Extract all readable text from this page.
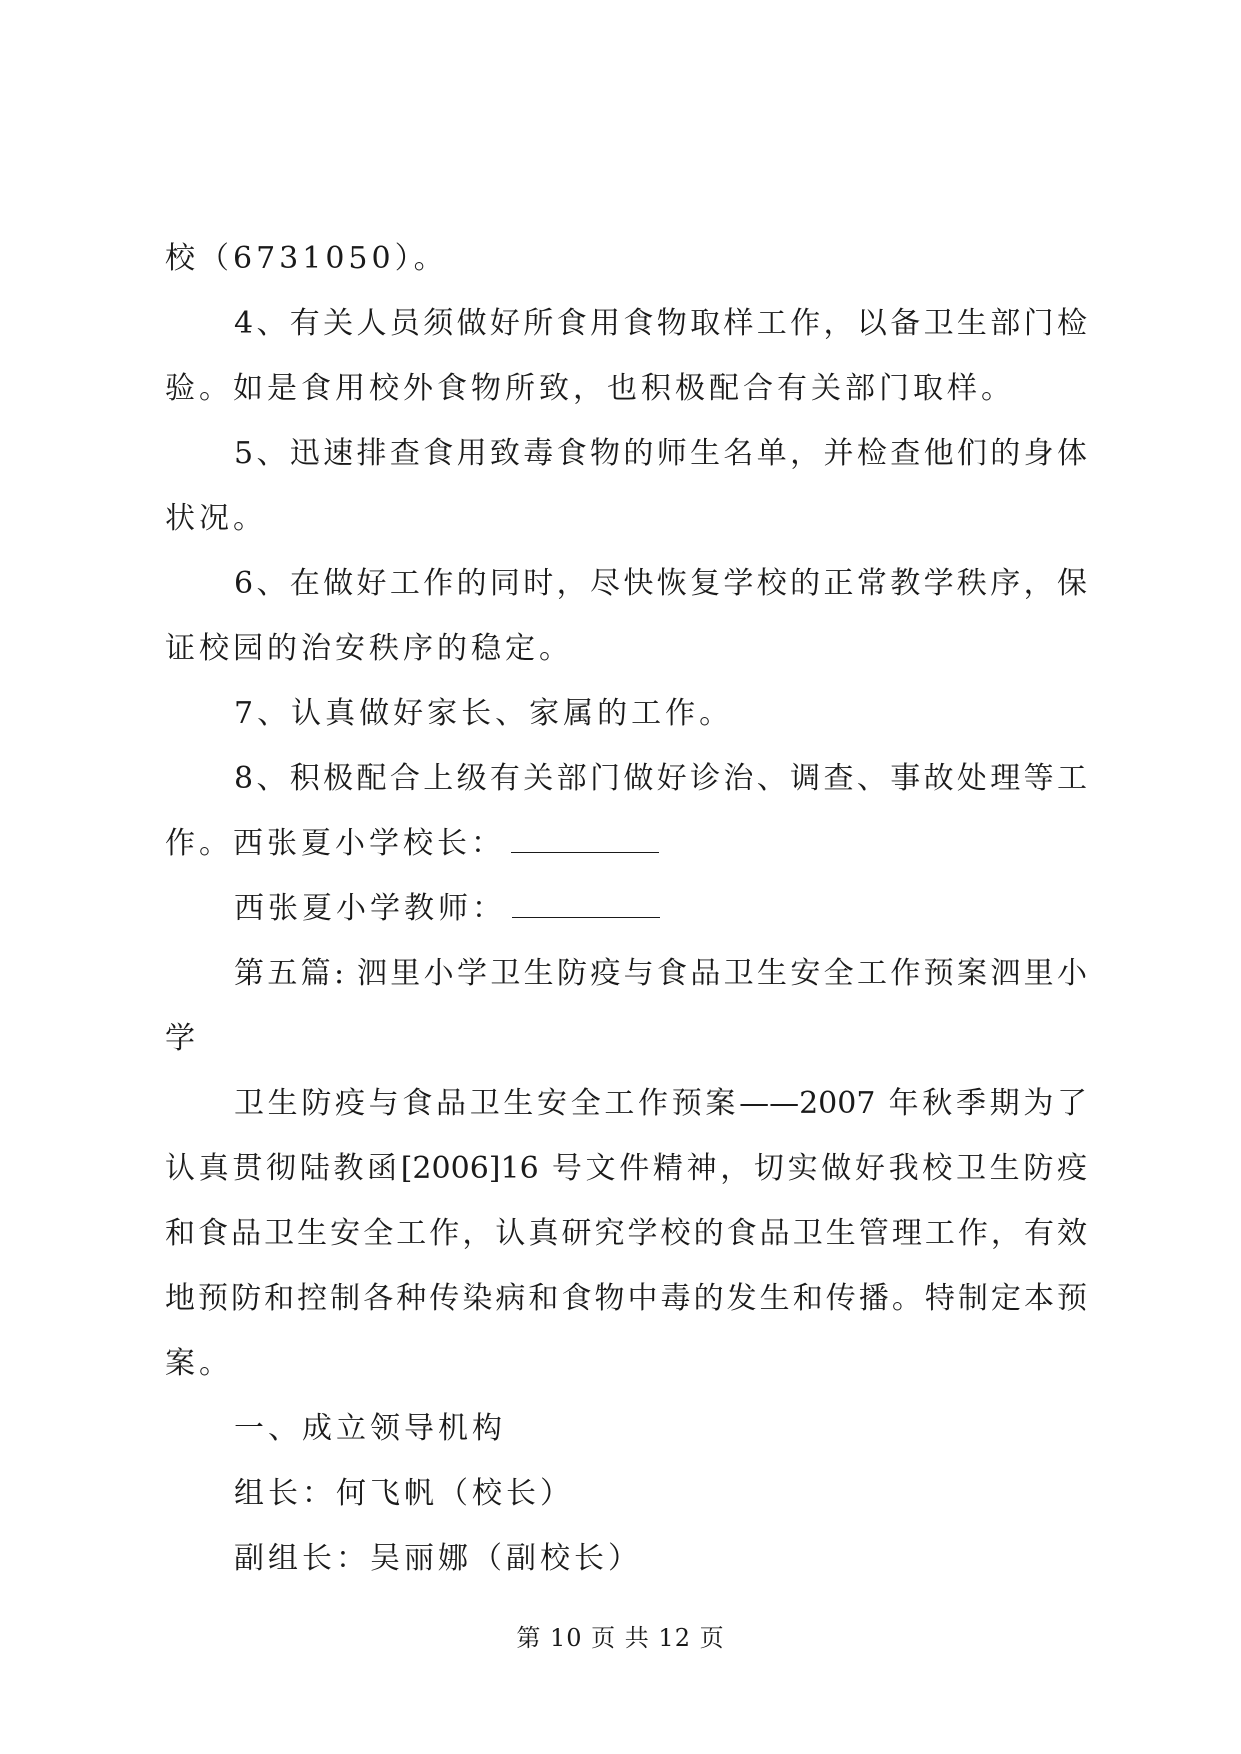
校（6731050）。
4、有关人员须做好所食用食物取样工作，以备卫生部门检
验。如是食用校外食物所致，也积极配合有关部门取样。
5、迅速排查食用致毒食物的师生名单，并检查他们的身体
状况。
6、在做好工作的同时，尽快恢复学校的正常教学秩序，保
证校园的治安秩序的稳定。
7、认真做好家长、家属的工作。
8、积极配合上级有关部门做好诊治、调查、事故处理等工
作。西张夏小学校长：
西张夏小学教师：
第五篇: 泗里小学卫生防疫与食品卫生安全工作预案泗里小
学
卫生防疫与食品卫生安全工作预案——2007 年秋季期为了
认真贯彻陆教函[2006]16 号文件精神，切实做好我校卫生防疫
和食品卫生安全工作，认真研究学校的食品卫生管理工作，有效
地预防和控制各种传染病和食物中毒的发生和传播。特制定本预
案。
一、成立领导机构
组长：何飞帆（校长）
副组长：吴丽娜（副校长）
第 10 页 共 12 页
